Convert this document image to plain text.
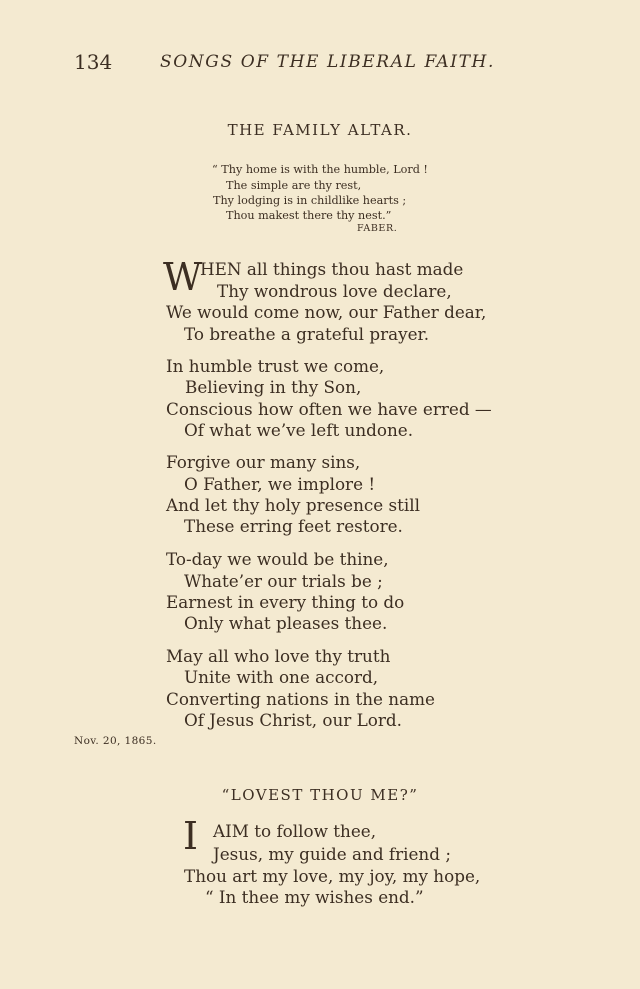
134	SONGS OF THE LIBERAL FAITH.
THE FAMILY ALTAR.
“ Thy home is with the humble, Lord !
The simple are thy rest,
Thy lodging is in childlike hearts ;
Thou makest there thy nest.”
FABER.
W
HEN all things thou hast made
Thy wondrous love declare,
We would come now, our Father dear,
To breathe a grateful prayer.
In humble trust we come,
Believing in thy Son,
Conscious how often we have erred —
Of what we’ve left undone.
Forgive our many sins,
O Father, we implore !
And let thy holy presence still
These erring feet restore.
To-day we would be thine,
Whate’er our trials be ;
Earnest in every thing to do
Only what pleases thee.
May all who love thy truth
Unite with one accord,
Converting nations in the name
Of Jesus Christ, our Lord.
Nov. 20, 1865.
“LOVEST THOU ME?”
I AIM to follow thee,
Jesus, my guide and friend ;
Thou art my love, my joy, my hope,
“ In thee my wishes end.”
